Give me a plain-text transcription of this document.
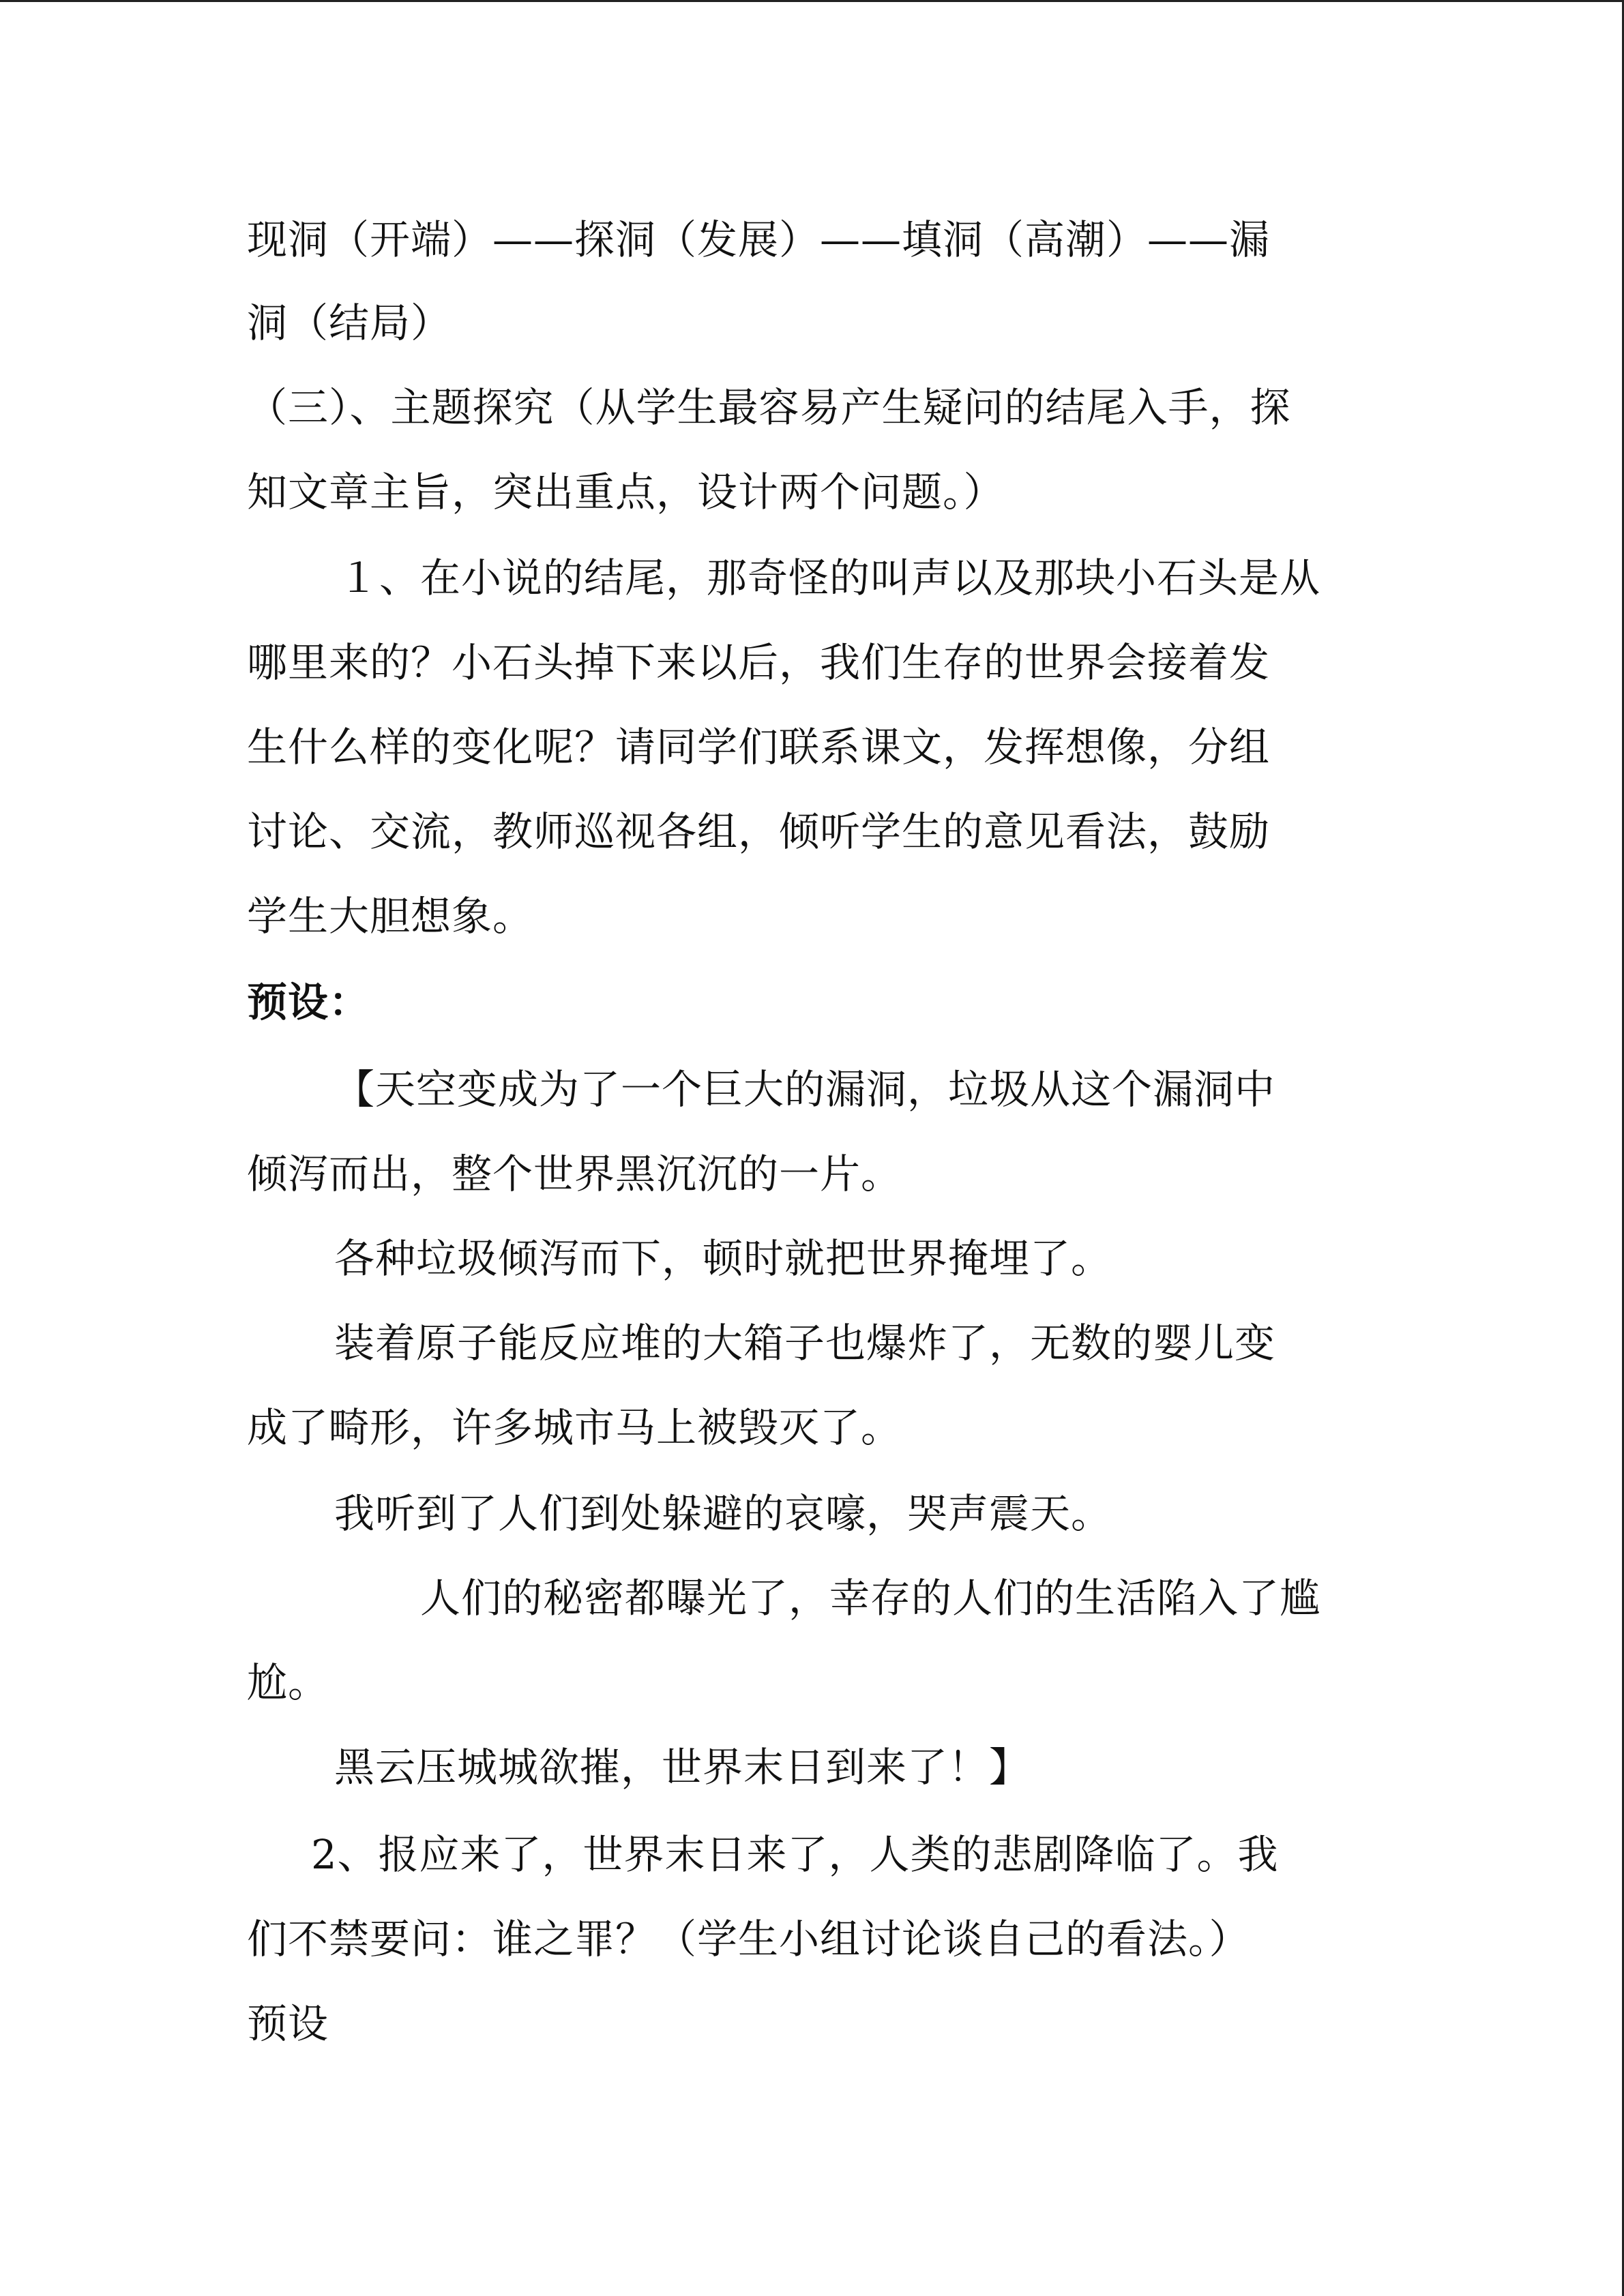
现洞（开端）——探洞（发展）——填洞（高潮）——漏
洞（结局）
（三）、主题探究（从学生最容易产生疑问的结尾入手，探
知文章主旨，突出重点，设计两个问题。）
１、在小说的结尾，那奇怪的叫声以及那块小石头是从
哪里来的？小石头掉下来以后，我们生存的世界会接着发
生什么样的变化呢？请同学们联系课文，发挥想像，分组
讨论、交流，教师巡视各组，倾听学生的意见看法，鼓励
学生大胆想象。
预设：
【天空变成为了一个巨大的漏洞，垃圾从这个漏洞中
倾泻而出，整个世界黑沉沉的一片。
各种垃圾倾泻而下，顿时就把世界掩埋了。
装着原子能反应堆的大箱子也爆炸了，无数的婴儿变
成了畸形，许多城市马上被毁灭了。
我听到了人们到处躲避的哀嚎，哭声震天。
人们的秘密都曝光了，幸存的人们的生活陷入了尴
尬。
黑云压城城欲摧，世界末日到来了！】
2、报应来了，世界末日来了，人类的悲剧降临了。我
们不禁要问：谁之罪？（学生小组讨论谈自己的看法。）
预设
